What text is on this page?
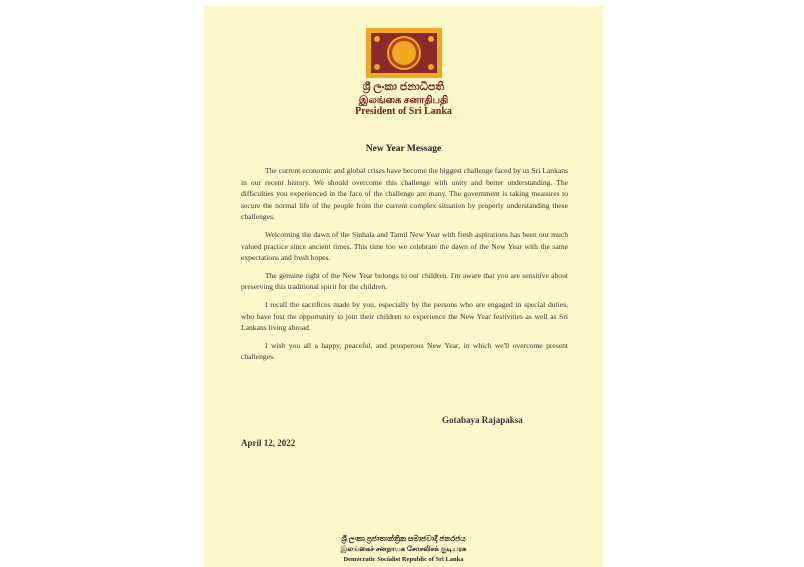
ශ්‍රී ලංකා ජනාධිපති
இலங்கை சனாதிபதி
President of Sri Lanka
New Year Message

The current economic and global crises have become the biggest challenge faced by us Sri Lankans in our recent history. We should overcome this challenge with unity and better understanding. The difficulties you experienced in the face of the challenge are many. The government is taking measures to secure the normal life of the people from the current complex situation by properly understanding these challenges.

Welcoming the dawn of the Sinhala and Tamil New Year with fresh aspirations has been our much valued practice since ancient times. This time too we celebrate the dawn of the New Year with the same expectations and fresh hopes.

The genuine right of the New Year belongs to our children. I'm aware that you are sensitive about preserving this traditional spirit for the children.

I recall the sacrifices made by you, especially by the persons who are engaged in special duties, who have lost the opportunity to join their children to experience the New Year festivities as well as Sri Lankans living abroad.

I wish you all a happy, peaceful, and prosperous New Year, in which we'll overcome present challenges.

Gotabaya Rajapaksa
April 12, 2022
ශ්‍රී ලංකා ප්‍රජාතාන්ත්‍රික සමාජවාදී ජනරජය
இலங்கைச் சனநாயக சோசலிசக் குடியரசு
Democratic Socialist Republic of Sri Lanka
